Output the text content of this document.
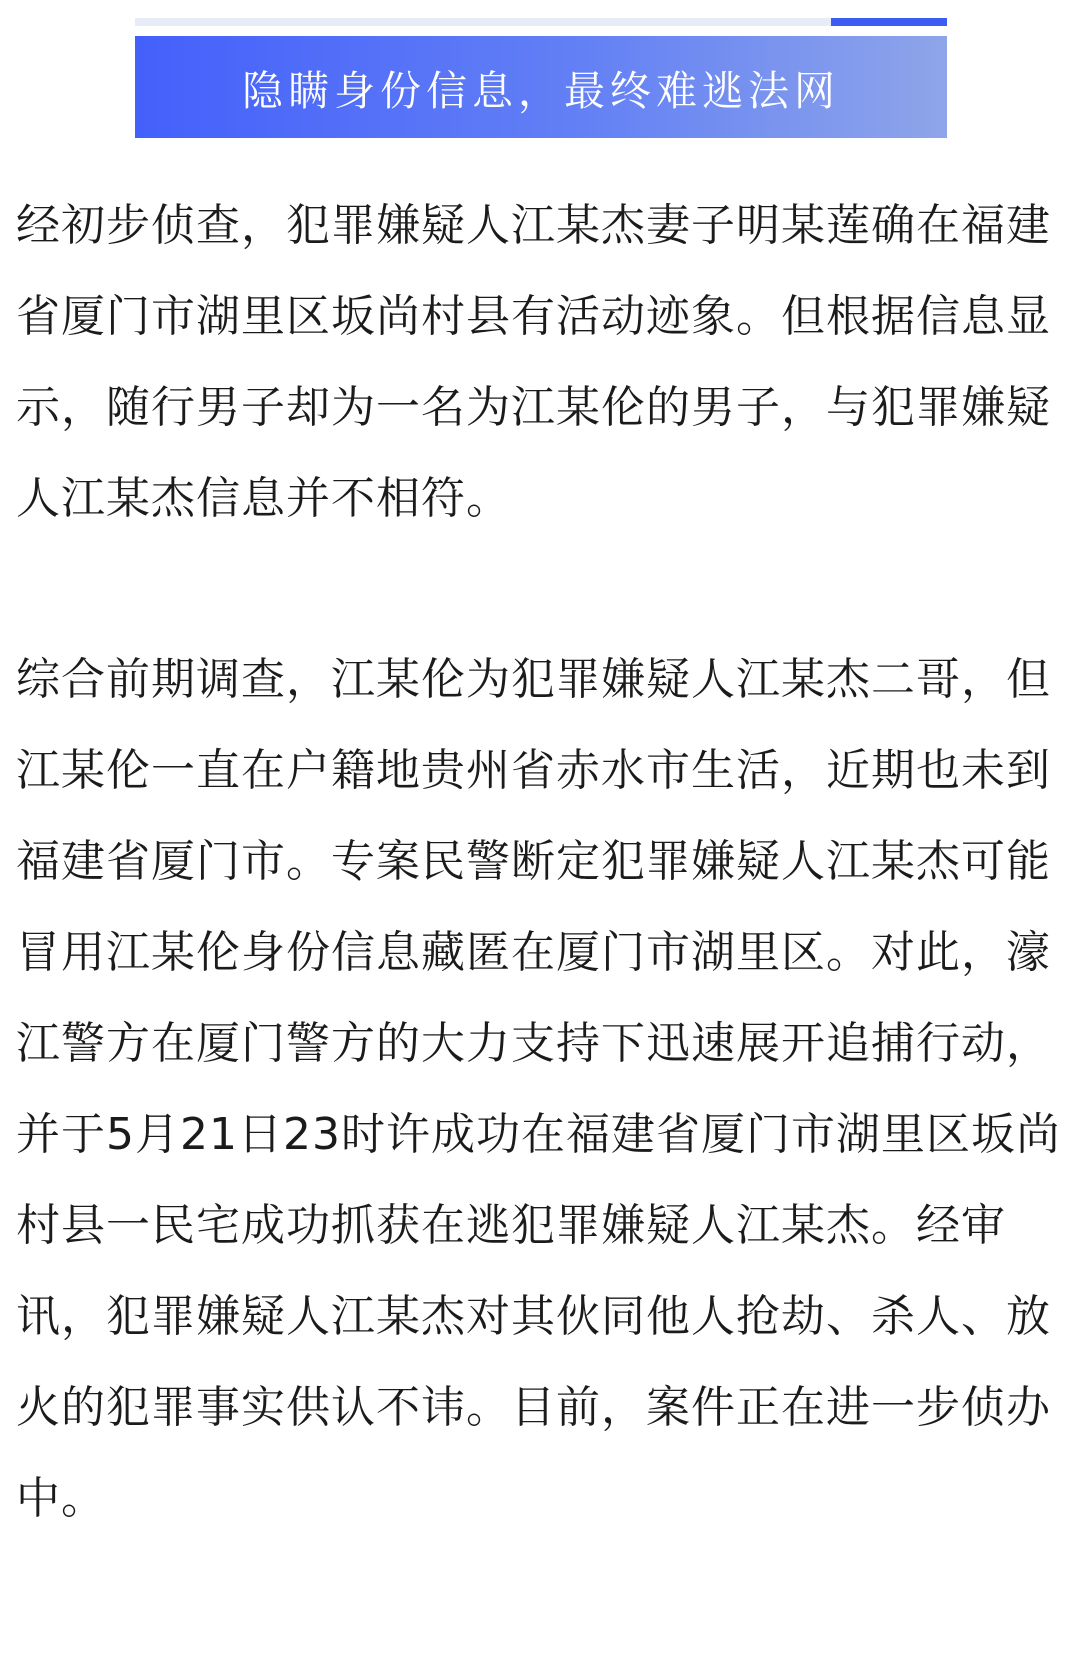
隐瞒身份信息，最终难逃法网

经初步侦查，犯罪嫌疑人江某杰妻子明某莲确在福建省厦门市湖里区坂尚村县有活动迹象。但根据信息显示，随行男子却为一名为江某伦的男子，与犯罪嫌疑人江某杰信息并不相符。

综合前期调查，江某伦为犯罪嫌疑人江某杰二哥，但江某伦一直在户籍地贵州省赤水市生活，近期也未到福建省厦门市。专案民警断定犯罪嫌疑人江某杰可能冒用江某伦身份信息藏匿在厦门市湖里区。对此，濠江警方在厦门警方的大力支持下迅速展开追捕行动，并于5月21日23时许成功在福建省厦门市湖里区坂尚村县一民宅成功抓获在逃犯罪嫌疑人江某杰。经审讯，犯罪嫌疑人江某杰对其伙同他人抢劫、杀人、放火的犯罪事实供认不讳。目前，案件正在进一步侦办中。
